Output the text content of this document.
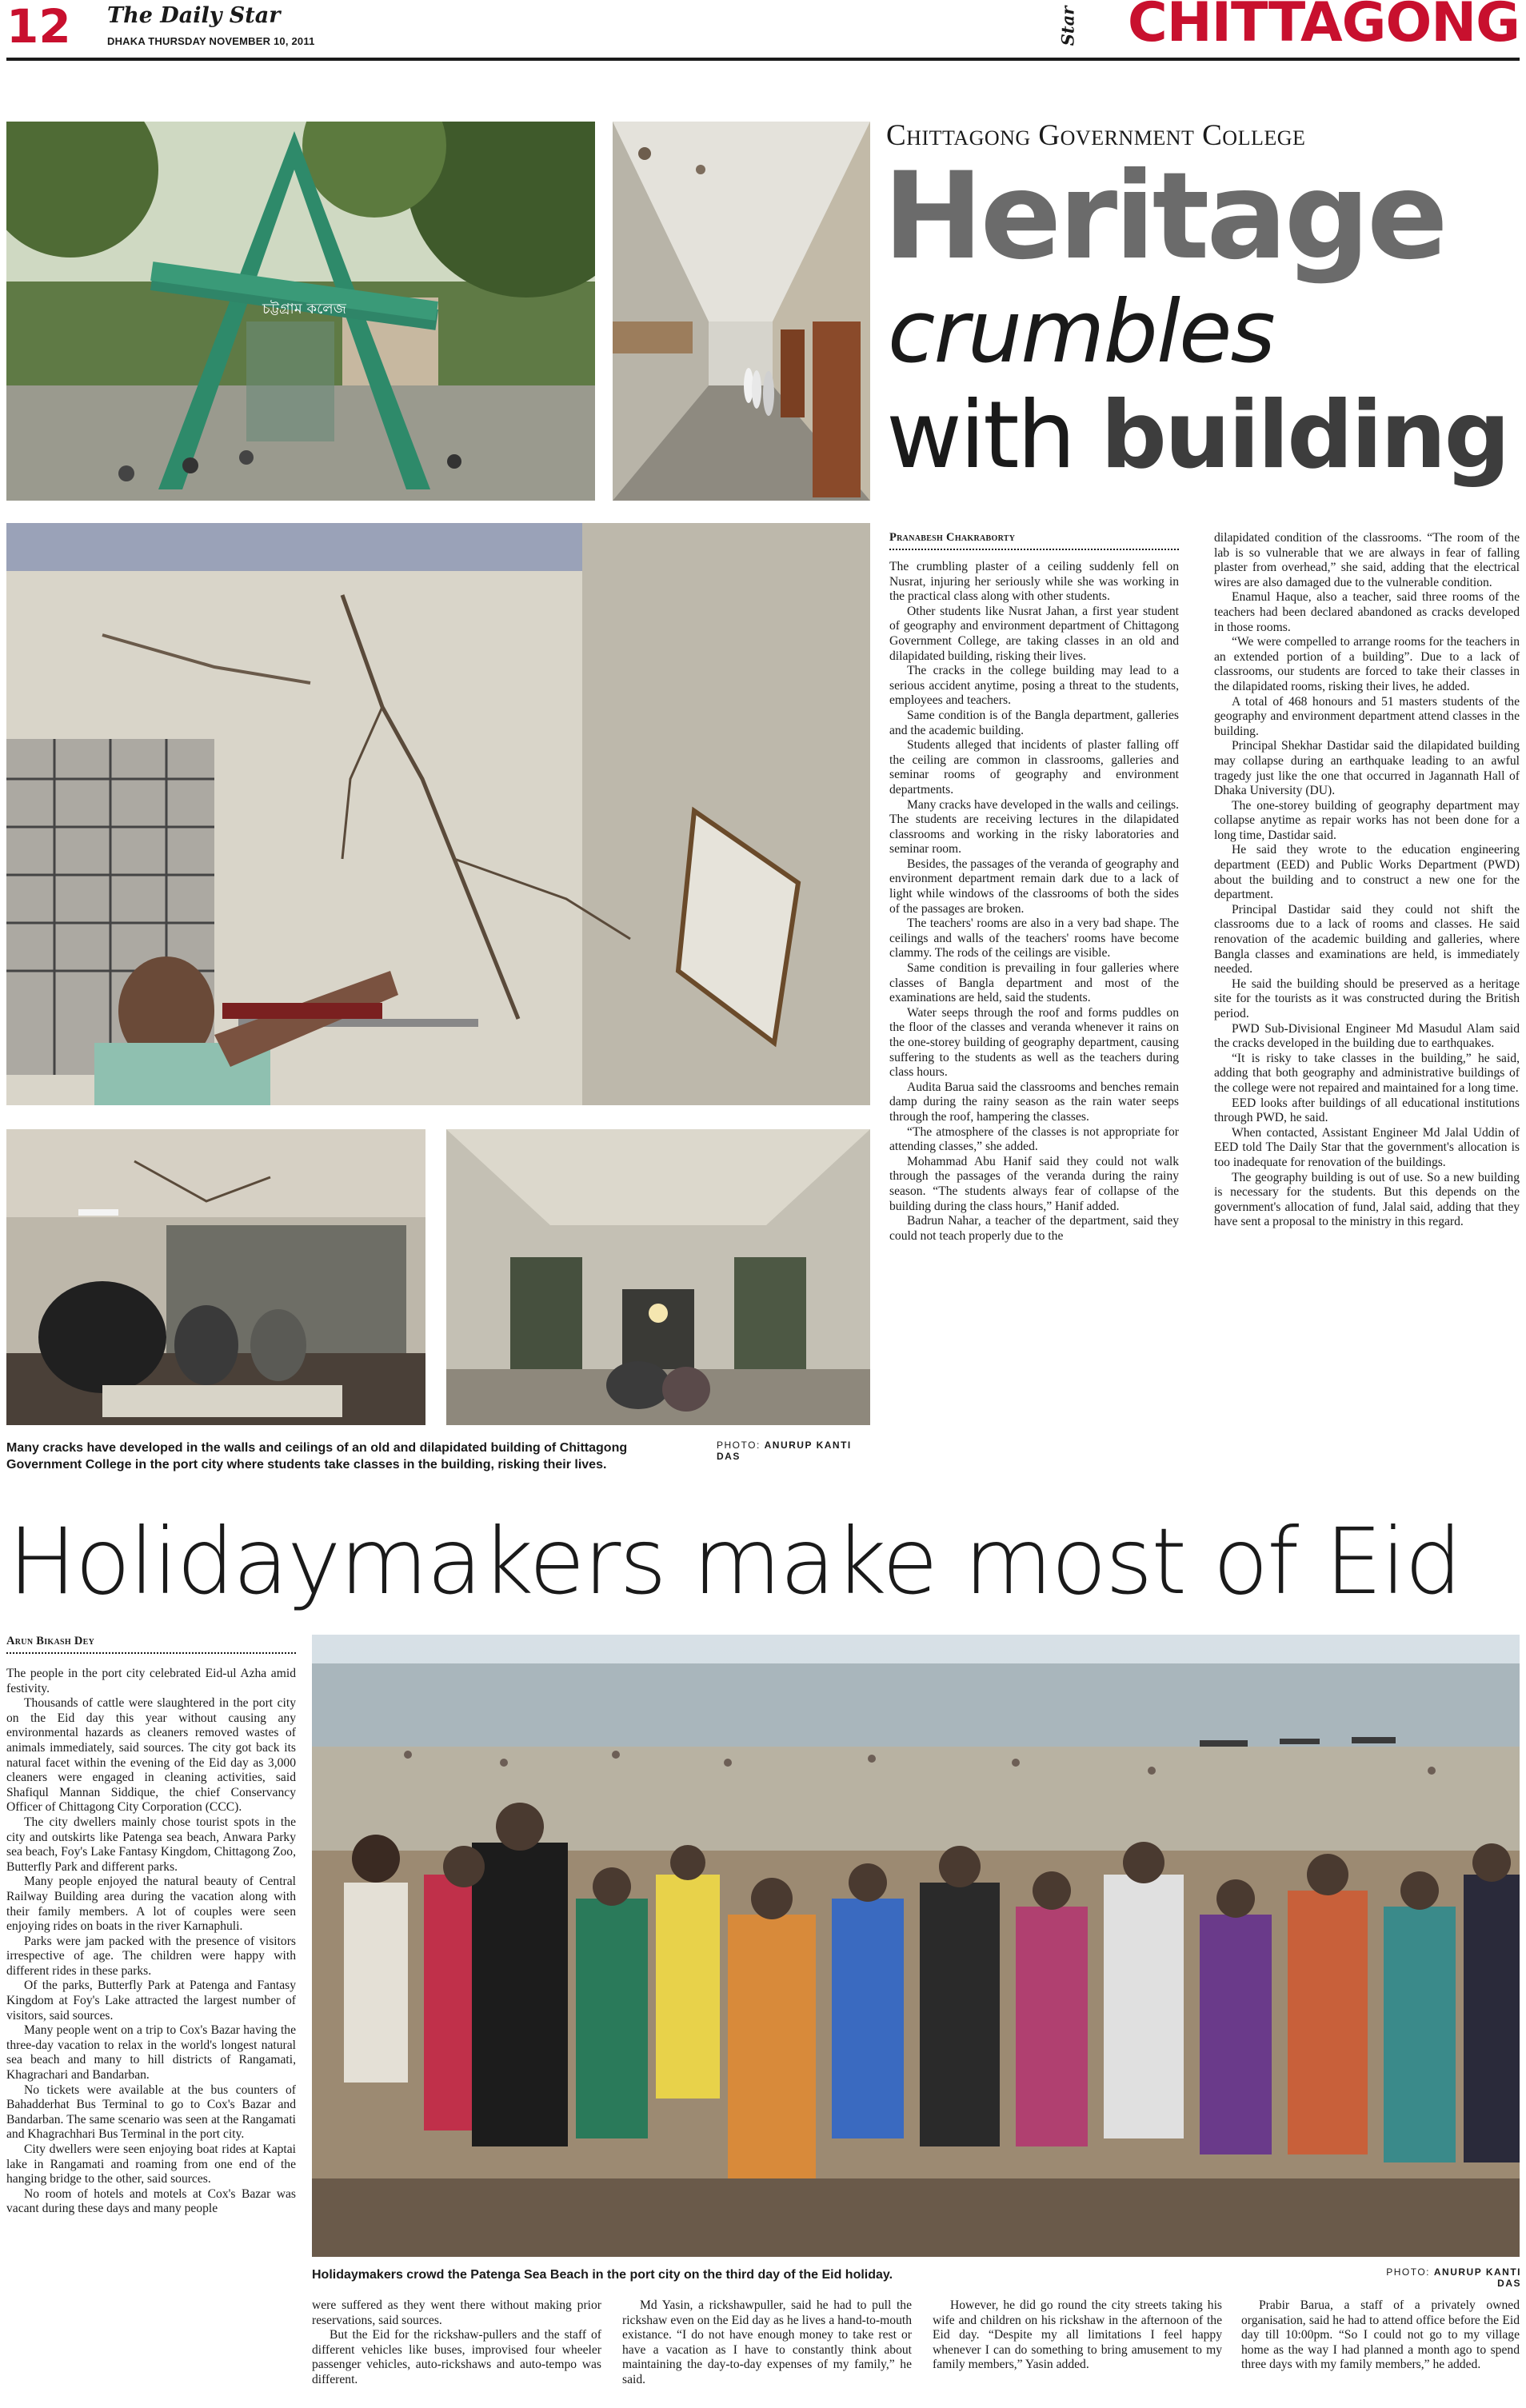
12 The Daily Star
DHAKA THURSDAY NOVEMBER 10, 2011	Star CHITTAGONG
চট্টগ্রাম কলেজ
Chittagong Government College
Heritage
crumbles
with building
Pranabesh Chakraborty

The crumbling plaster of a ceiling suddenly fell on Nusrat, injuring her seriously while she was working in the practical class along with other students.

Other students like Nusrat Jahan, a first year student of geography and environment department of Chittagong Government College, are taking classes in an old and dilapidated building, risking their lives.

The cracks in the college building may lead to a serious accident anytime, posing a threat to the students, employees and teachers.

Same condition is of the Bangla department, galleries and the academic building.

Students alleged that incidents of plaster falling off the ceiling are common in classrooms, galleries and seminar rooms of geography and environment departments.

Many cracks have developed in the walls and ceilings. The students are receiving lectures in the dilapidated classrooms and working in the risky laboratories and seminar room.

Besides, the passages of the veranda of geography and environment department remain dark due to a lack of light while windows of the classrooms of both the sides of the passages are broken.

The teachers' rooms are also in a very bad shape. The ceilings and walls of the teachers' rooms have become clammy. The rods of the ceilings are visible.

Same condition is prevailing in four galleries where classes of Bangla department and most of the examinations are held, said the students.

Water seeps through the roof and forms puddles on the floor of the classes and veranda whenever it rains on the one-storey building of geography department, causing suffering to the students as well as the teachers during class hours.

Audita Barua said the classrooms and benches remain damp during the rainy season as the rain water seeps through the roof, hampering the classes.

“The atmosphere of the classes is not appropriate for attending classes,” she added.

Mohammad Abu Hanif said they could not walk through the passages of the veranda during the rainy season. “The students always fear of collapse of the building during the class hours,” Hanif added.

Badrun Nahar, a teacher of the department, said they could not teach properly due to the

dilapidated condition of the classrooms. “The room of the lab is so vulnerable that we are always in fear of falling plaster from overhead,” she said, adding that the electrical wires are also damaged due to the vulnerable condition.

Enamul Haque, also a teacher, said three rooms of the teachers had been declared abandoned as cracks developed in those rooms.

“We were compelled to arrange rooms for the teachers in an extended portion of a building”. Due to a lack of classrooms, our students are forced to take their classes in the dilapidated rooms, risking their lives, he added.

A total of 468 honours and 51 masters students of the geography and environment department attend classes in the building.

Principal Shekhar Dastidar said the dilapidated building may collapse during an earthquake leading to an awful tragedy just like the one that occurred in Jagannath Hall of Dhaka University (DU).

The one-storey building of geography department may collapse anytime as repair works has not been done for a long time, Dastidar said.

He said they wrote to the education engineering department (EED) and Public Works Department (PWD) about the building and to construct a new one for the department.

Principal Dastidar said they could not shift the classrooms due to a lack of rooms and classes. He said renovation of the academic building and galleries, where Bangla classes and examinations are held, is immediately needed.

He said the building should be preserved as a heritage site for the tourists as it was constructed during the British period.

PWD Sub-Divisional Engineer Md Masudul Alam said the cracks developed in the building due to earthquakes.

“It is risky to take classes in the building,” he said, adding that both geography and administrative buildings of the college were not repaired and maintained for a long time.

EED looks after buildings of all educational institutions through PWD, he said.

When contacted, Assistant Engineer Md Jalal Uddin of EED told The Daily Star that the government's allocation is too inadequate for renovation of the buildings.

The geography building is out of use. So a new building is necessary for the students. But this depends on the government's allocation of fund, Jalal said, adding that they have sent a proposal to the ministry in this regard.

Many cracks have developed in the walls and ceilings of an old and dilapidated building of Chittagong Government College in the port city where students take classes in the building, risking their lives.
PHOTO: ANURUP KANTI DAS
Holidaymakers make most of Eid
Arun Bikash Dey

The people in the port city celebrated Eid-ul Azha amid festivity.

Thousands of cattle were slaughtered in the port city on the Eid day this year without causing any environmental hazards as cleaners removed wastes of animals immediately, said sources. The city got back its natural facet within the evening of the Eid day as 3,000 cleaners were engaged in cleaning activities, said Shafiqul Mannan Siddique, the chief Conservancy Officer of Chittagong City Corporation (CCC).

The city dwellers mainly chose tourist spots in the city and outskirts like Patenga sea beach, Anwara Parky sea beach, Foy's Lake Fantasy Kingdom, Chittagong Zoo, Butterfly Park and different parks.

Many people enjoyed the natural beauty of Central Railway Building area during the vacation along with their family members. A lot of couples were seen enjoying rides on boats in the river Karnaphuli.

Parks were jam packed with the presence of visitors irrespective of age. The children were happy with different rides in these parks.

Of the parks, Butterfly Park at Patenga and Fantasy Kingdom at Foy's Lake attracted the largest number of visitors, said sources.

Many people went on a trip to Cox's Bazar having the three-day vacation to relax in the world's longest natural sea beach and many to hill districts of Rangamati, Khagrachari and Bandarban.

No tickets were available at the bus counters of Bahadderhat Bus Terminal to go to Cox's Bazar and Bandarban. The same scenario was seen at the Rangamati and Khagrachhari Bus Terminal in the port city.

City dwellers were seen enjoying boat rides at Kaptai lake in Rangamati and roaming from one end of the hanging bridge to the other, said sources.

No room of hotels and motels at Cox's Bazar was vacant during these days and many people

Holidaymakers crowd the Patenga Sea Beach in the port city on the third day of the Eid holiday.	PHOTO: ANURUP KANTI DAS

were suffered as they went there without making prior reservations, said sources.

But the Eid for the rickshaw-pullers and the staff of different vehicles like buses, improvised four wheeler passenger vehicles, auto-rickshaws and auto-tempo was different.

Md Yasin, a rickshawpuller, said he had to pull the rickshaw even on the Eid day as he lives a hand-to-mouth existance. “I do not have enough money to take rest or have a vacation as I have to constantly think about maintaining the day-to-day expenses of my family,” he said.

However, he did go round the city streets taking his wife and children on his rickshaw in the afternoon of the Eid day. “Despite my all limitations I feel happy whenever I can do something to bring amusement to my family members,” Yasin added.

Prabir Barua, a staff of a privately owned organisation, said he had to attend office before the Eid day till 10:00pm. “So I could not go to my village home as the way I had planned a month ago to spend three days with my family members,” he added.
